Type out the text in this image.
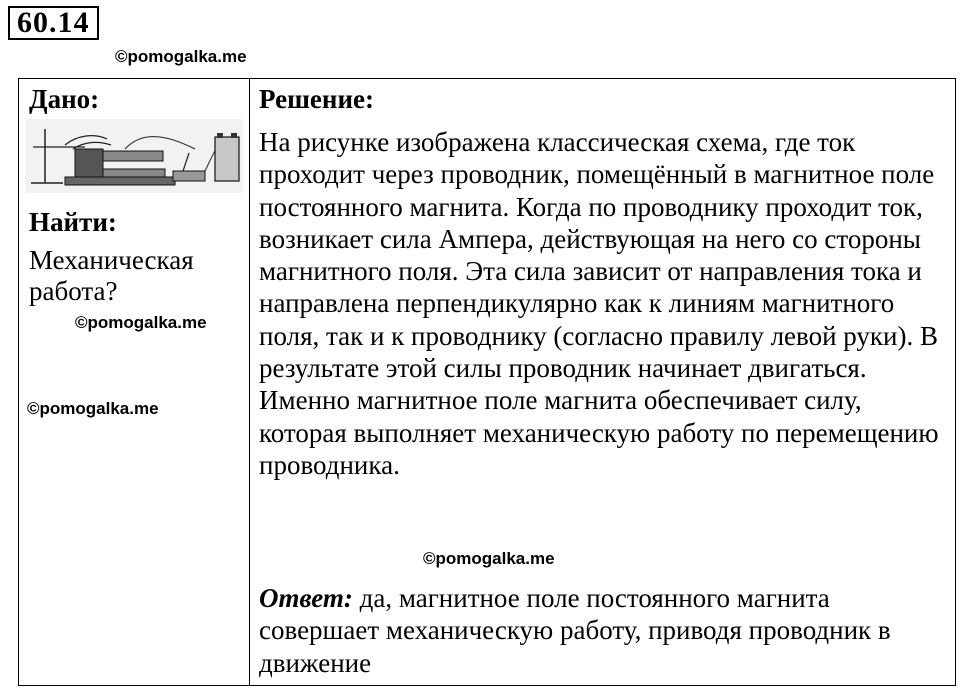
60.14
©pomogalka.me
Дано:
Найти:
Механическая работа?
©pomogalka.me
©pomogalka.me
Решение:

На рисунке изображена классическая схема, где ток проходит через проводник, помещённый в магнитное поле постоянного магнита. Когда по проводнику проходит ток, возникает сила Ампера, действующая на него со стороны магнитного поля. Эта сила зависит от направления тока и направлена перпендикулярно как к линиям магнитного поля, так и к проводнику (согласно правилу левой руки). В результате этой силы проводник начинает двигаться. Именно магнитное поле магнита обеспечивает силу, которая выполняет механическую работу по перемещению проводника.

©pomogalka.me

Ответ: да, магнитное поле постоянного магнита совершает механическую работу, приводя проводник в движение
